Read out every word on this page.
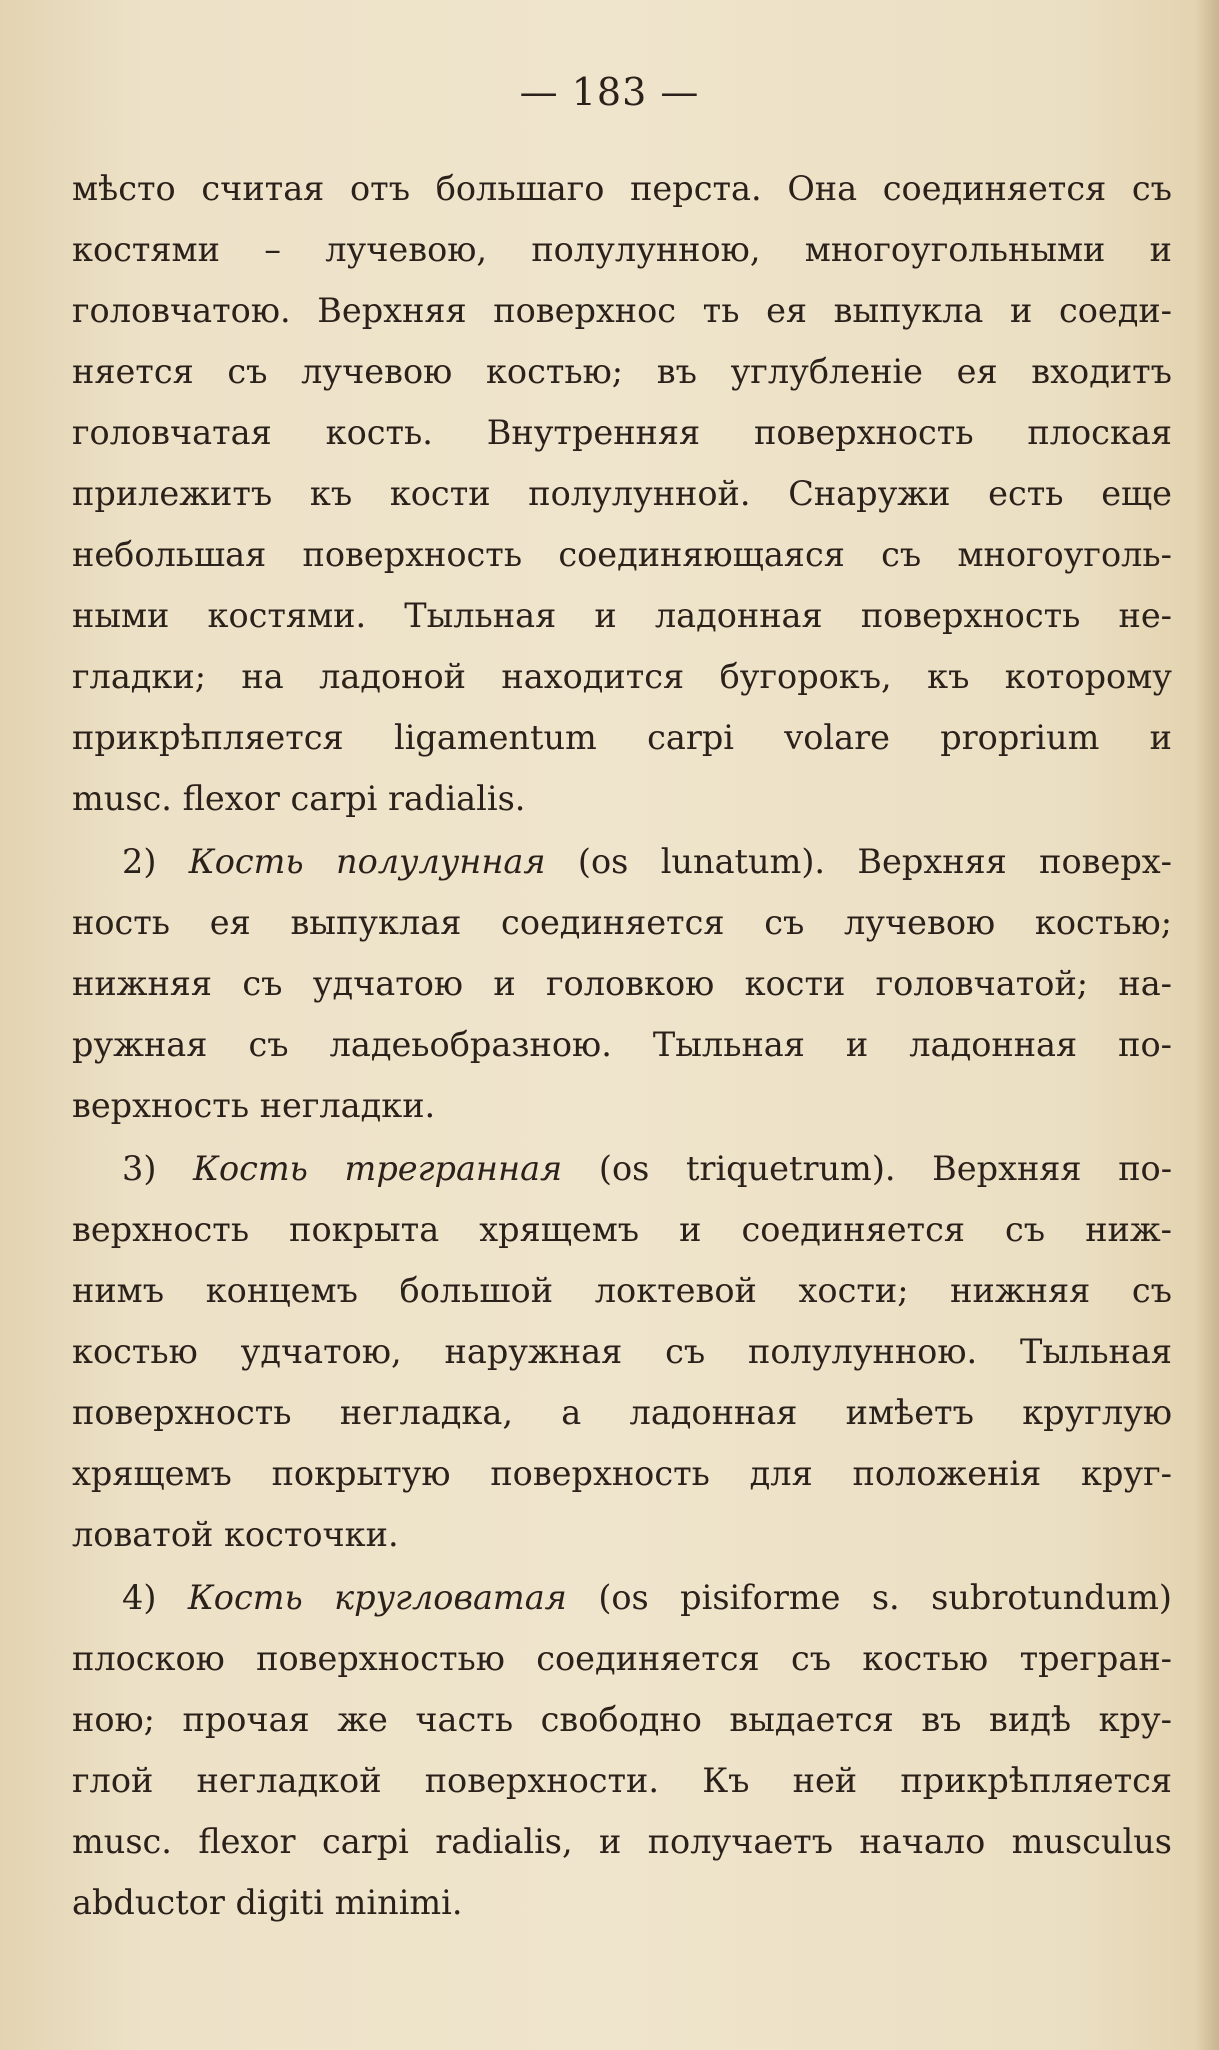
— 183 —
мѣсто считая отъ большаго перста. Она соединяется съ
костями – лучевою, полулунною, многоугольными и
головчатою. Верхняя поверхнос ть ея выпукла и соеди-
няется съ лучевою костью; въ углубленіе ея входитъ
головчатая кость. Внутренняя поверхность плоская
прилежитъ къ кости полулунной. Снаружи есть еще
небольшая поверхность соединяющаяся съ многоуголь-
ными костями. Тыльная и ладонная поверхность не-
гладки; на ладоной находится бугорокъ, къ которому
прикрѣпляется ligamentum carpi volare proprium и
musc. flexor carpi radialis.
2) Кость полулунная (os lunatum). Верхняя поверх-
ность ея выпуклая соединяется съ лучевою костью;
нижняя съ удчатою и головкою кости головчатой; на-
ружная съ ладеьобразною. Тыльная и ладонная по-
верхность негладки.
3) Кость трегранная (os triquetrum). Верхняя по-
верхность покрыта хрящемъ и соединяется съ ниж-
нимъ концемъ большой локтевой хости; нижняя съ
костью удчатою, наружная съ полулунною. Тыльная
поверхность негладка, а ладонная имѣетъ круглую
хрящемъ покрытую поверхность для положенія круг-
ловатой косточки.
4) Кость кругловатая (os pisiforme s. subrotundum)
плоскою поверхностью соединяется съ костью трегран-
ною; прочая же часть свободно выдается въ видѣ кру-
глой негладкой поверхности. Къ ней прикрѣпляется
musc. flexor carpi radialis, и получаетъ начало musculus
abductor digiti minimi.
